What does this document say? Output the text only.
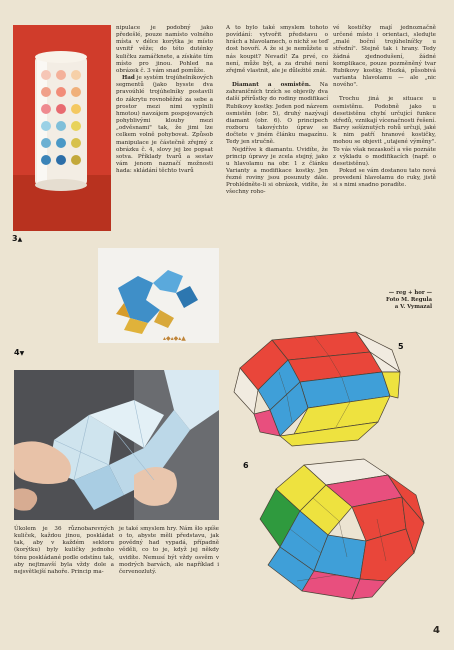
3▲
▴◆▴◆▴▲
4▼

nipulace je podobný jako předešlé, pouze namísto volného místa v délce korýtka je místo uvnitř věže; do této duténky kuličku zamáčknete, a získáte tím místo pro jinou. Pohled na obrázek č. 3 vám snad pomůže.

Had je systém trojúhelníkových segmentů (jako bysste dva pravoúhlé trojúhelníky postavili do zákrytu rovnoběžně za sebe a prostor mezi nimi vyplnili hmotou) navzájem pospojovaných pohyblivými klouby mezi „odvěsnami" tak, že jimi lze celkem volně pohybovat. Způsob manipulace je částečně zřejmý z obrázku č. 4, slovy jej lze popsat sotva. Příklady tvarů a sestav vám jenom naznačí možnosti hada: skládání těchto tvarů

A to bylo také smyslem tohoto povídání: vytvořit představu o hrách a hlavolamech, o nichž se teď dost hovoří. A že si je nemůžete u nás koupit? Nevadí! Za prvé, co není, může být, a za druhé není zřejmě vlastnit, ale je důležité znát.

Diamant a osmistěn. Na zahraničních trzích se objevily dva další přírůstky do rodiny modifikací Rubikovy kostky. Jeden pod názvem osmistěn (obr. 5), druhý nazývají diamant (obr. 6). O principech rozboru takovýchto úprav se dočtete v jiném článku magazínu. Tedy jen stručně.

Nejdříve k diamantu. Uvidíte, že princip úpravy je zcela stejný, jako u hlavolamu na obr. 1 z článku Varianty a modifikace kostky. Jen řezné roviny jsou posunuty dále. Prohlédněte-li si obrázek, vidíte, že všechny roho-

vé kostičky mají jednoznačně určené místo i orientaci, sledujte „malé boční trojúhelníčky u střední". Stejně tak i hrany. Tedy žádná zjednodušení, žádné komplikace, pouze pozměněný tvar Rubikovy kostky. Hezká, působivá varianta hlavolamu — ale „nic nového".

Trochu jiná je situace u osmistěnu. Podobně jako u desetistěnu chybí určující funkce středů, vznikají vícenačnosti řešení. Barvy sešíznutých rohů určují, jaké k nim patří hranové kostičky, mohou se objevit „utajené výměny". To vás však nezaskočí a vše poznáte z výkladu o modifikacích (např. o desetistěnu).

Pokud se vám dostanou tato nová provedení hlavolamu do ruky, jistě si s nimi snadno poradíte.

— reg + hor —
Foto M. Regula
a V. Vymazal
5
6

Úkolem je 36 různobarevných kuliček, každou jinou, poskládat tak, aby v každém sektoru (korýtku) byly kuličky jednoho tónu poskládané podle odstínu tak, aby nejtmavší byla vždy dole a nejsvětlejší nahoře. Princip ma-

je také smyslem hry. Nám šlo spíše o to, abyste měli představu, jak povědný had vypadá, případně věděli, co to je, když jej někdy uvidíte. Nemusí být vždy osvěm v modrých barvách, ale například i červenozlutý.

4
